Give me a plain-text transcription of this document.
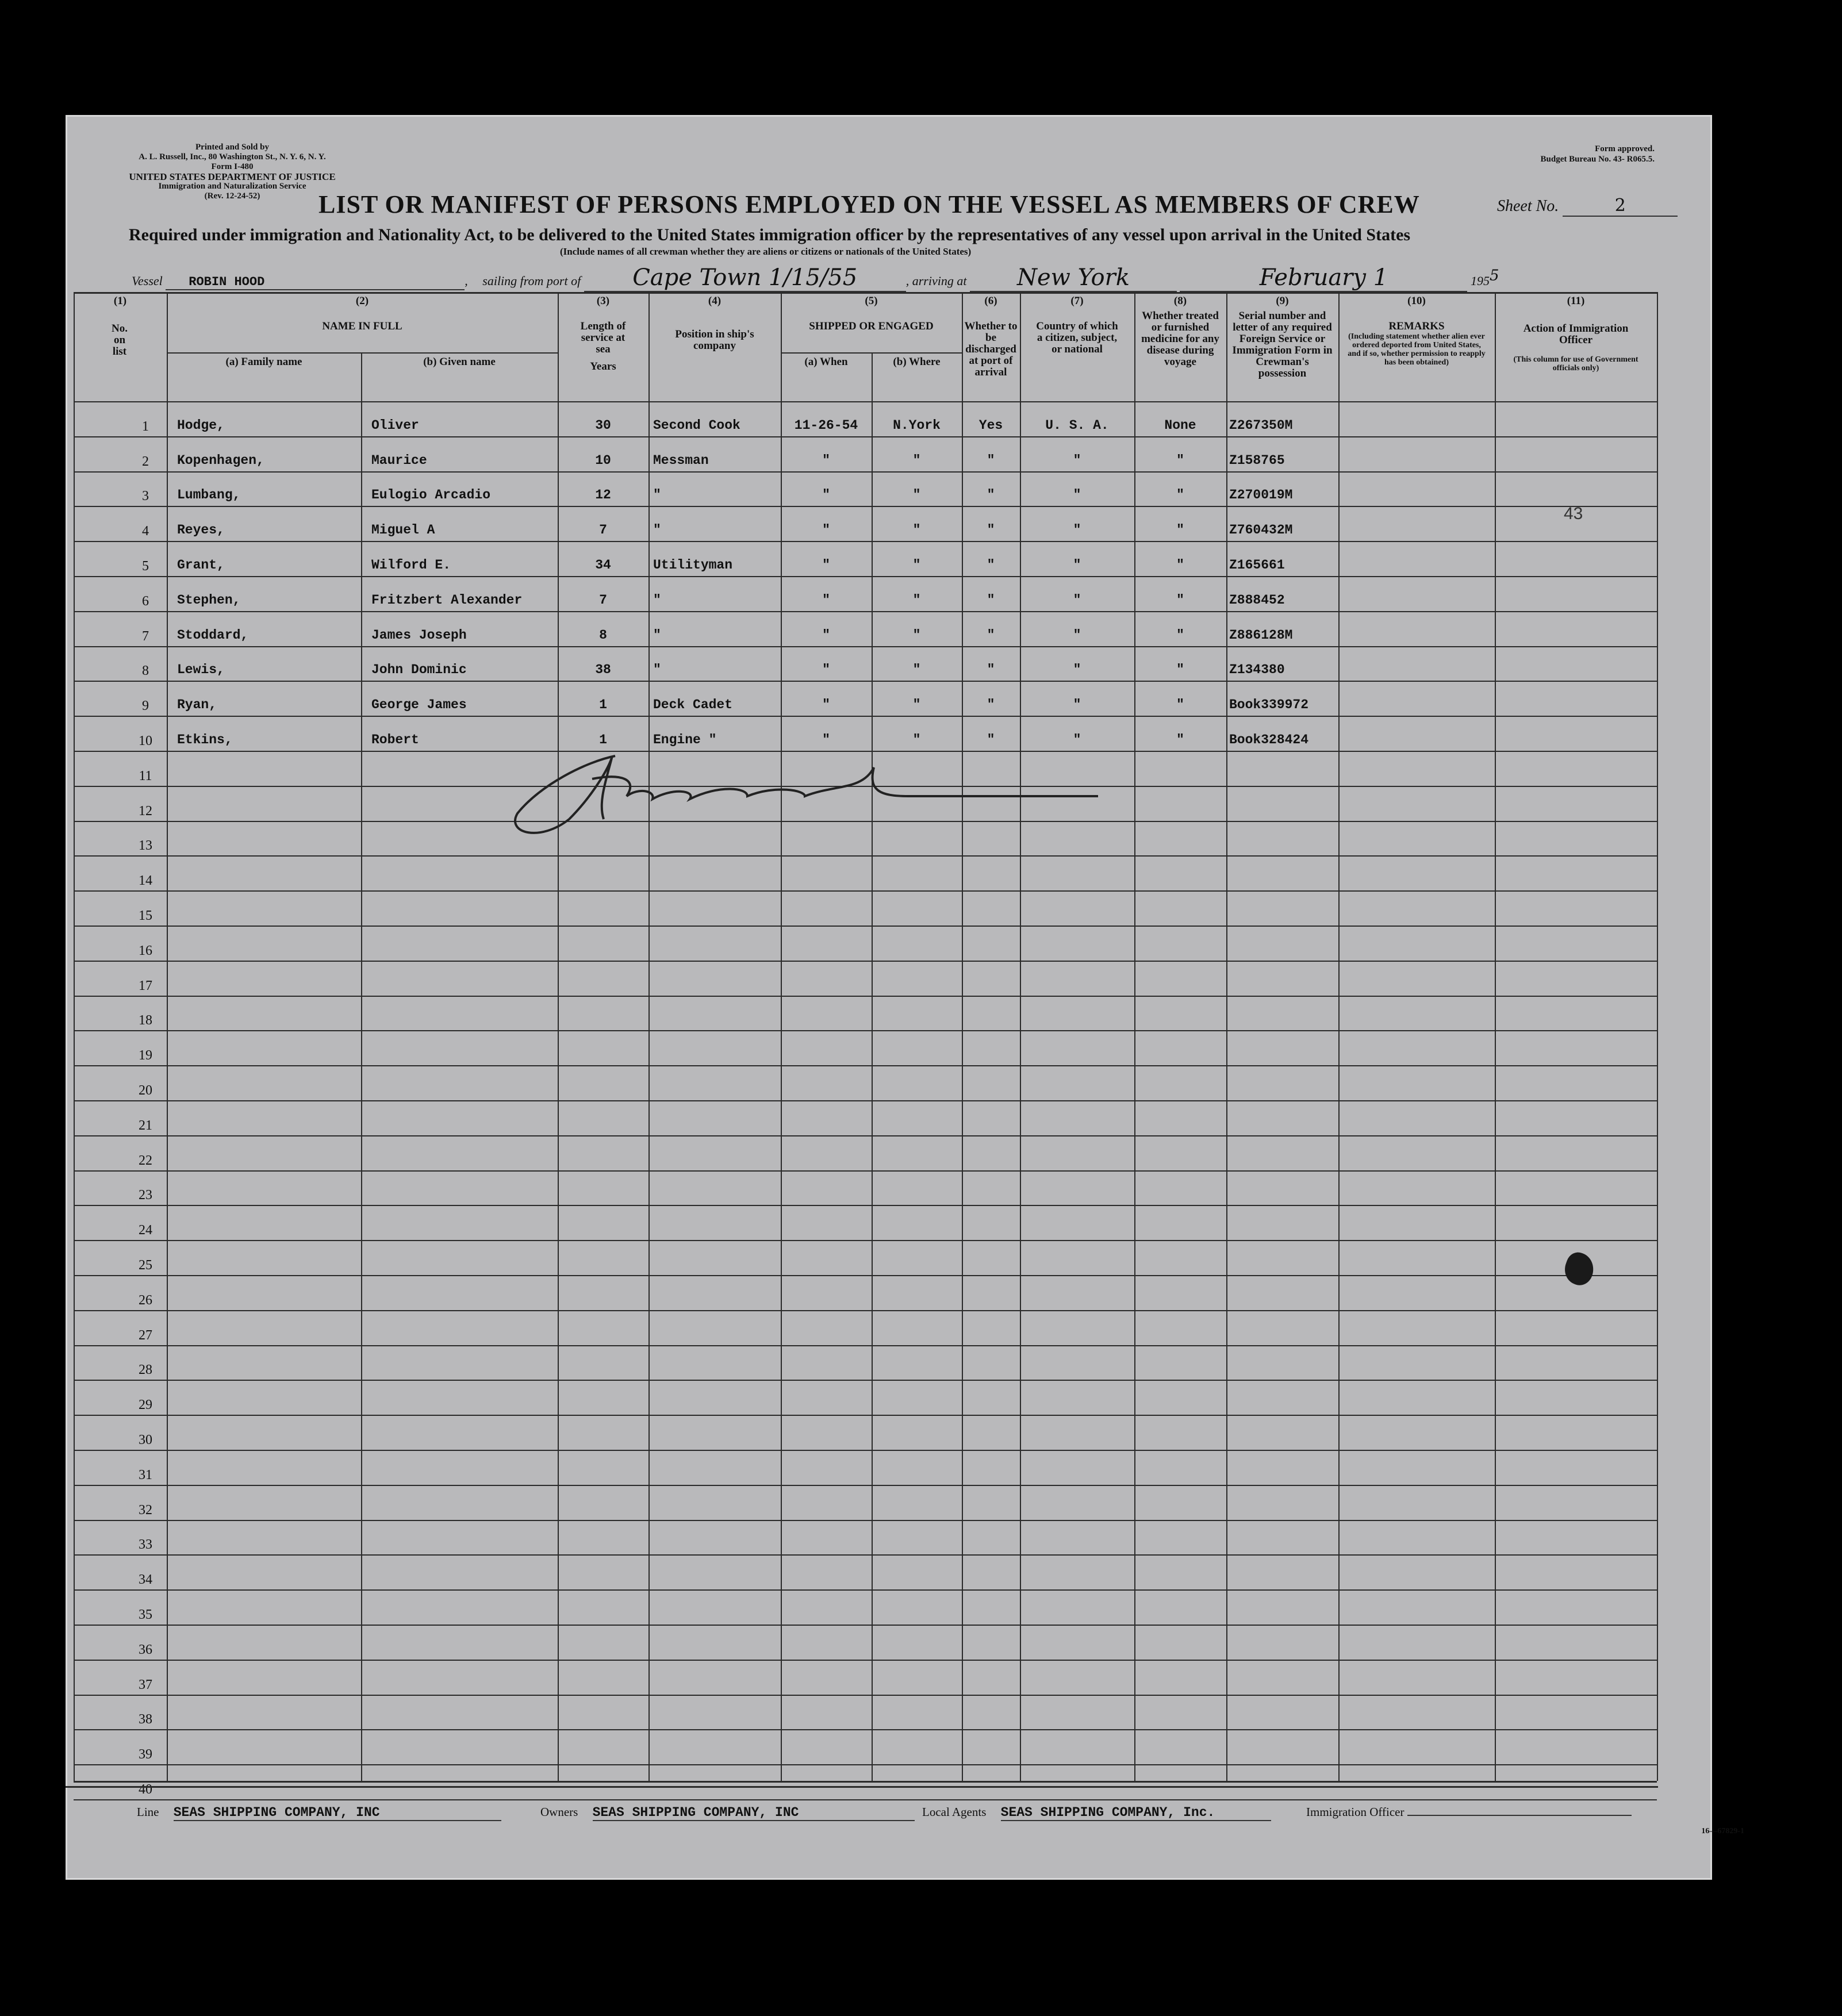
Printed and Sold by
A. L. Russell, Inc., 80 Washington St., N. Y. 6, N. Y.
Form I-480
UNITED STATES DEPARTMENT OF JUSTICE
Immigration and Naturalization Service
(Rev. 12-24-52)
Form approved.
Budget Bureau No. 43- R065.5.
LIST OR MANIFEST OF PERSONS EMPLOYED ON THE VESSEL AS MEMBERS OF CREW	Sheet No.	2
Required under immigration and Nationality Act, to be delivered to the United States immigration officer by the representatives of any vessel upon arrival in the United States
(Include names of all crewman whether they are aliens or citizens or nationals of the United States)
Vessel ROBIN HOOD	, sailing from port of Cape Town 1/15/55	, arriving at New York	February 1	1955
(1)
No. on list
(2)
NAME IN FULL
(a) Family name	(b) Given name
(3)
Length of service at sea
Years
(4)
Position in ship's company
(5)
SHIPPED OR ENGAGED
(a) When	(b) Where
(6)
Whether to be discharged at port of arrival
(7)
Country of which a citizen, subject, or national
(8)
Whether treated or furnished medicine for any disease during voyage
(9)
Serial number and letter of any required Foreign Service or Immigration Form in Crewman's possession
(10)
REMARKS
(Including statement whether alien ever ordered deported from United States, and if so, whether permission to reapply has been obtained)
(11)
Action of Immigration Officer
(This column for use of Government officials only)
1	Hodge,	Oliver	30	Second Cook	11-26-54	N.York	Yes	U. S. A.	None	Z267350M
2	Kopenhagen,	Maurice	10	Messman	"	"	"	"	"	Z158765
3	Lumbang,	Eulogio Arcadio	12	"	"	"	"	"	"	Z270019M
4	Reyes,	Miguel A	7	"	"	"	"	"	"	Z760432M
5	Grant,	Wilford E.	34	Utilityman	"	"	"	"	"	Z165661
6	Stephen,	Fritzbert Alexander	7	"	"	"	"	"	"	Z888452
7	Stoddard,	James Joseph	8	"	"	"	"	"	"	Z886128M
8	Lewis,	John Dominic	38	"	"	"	"	"	"	Z134380
9	Ryan,	George James	1	Deck Cadet	"	"	"	"	"	Book339972
10	Etkins,	Robert	1	Engine "	"	"	"	"	"	Book328424
11
12
13
14
15
16
17
18
19
20
21
22
23
24
25
26
27
28
29
30
31
32
33
34
35
36
37
38
39
40
43
Line SEAS SHIPPING COMPANY, INC	Owners SEAS SHIPPING COMPANY, INC	Local Agents SEAS SHIPPING COMPANY, Inc.	Immigration Officer
16—67829-1
